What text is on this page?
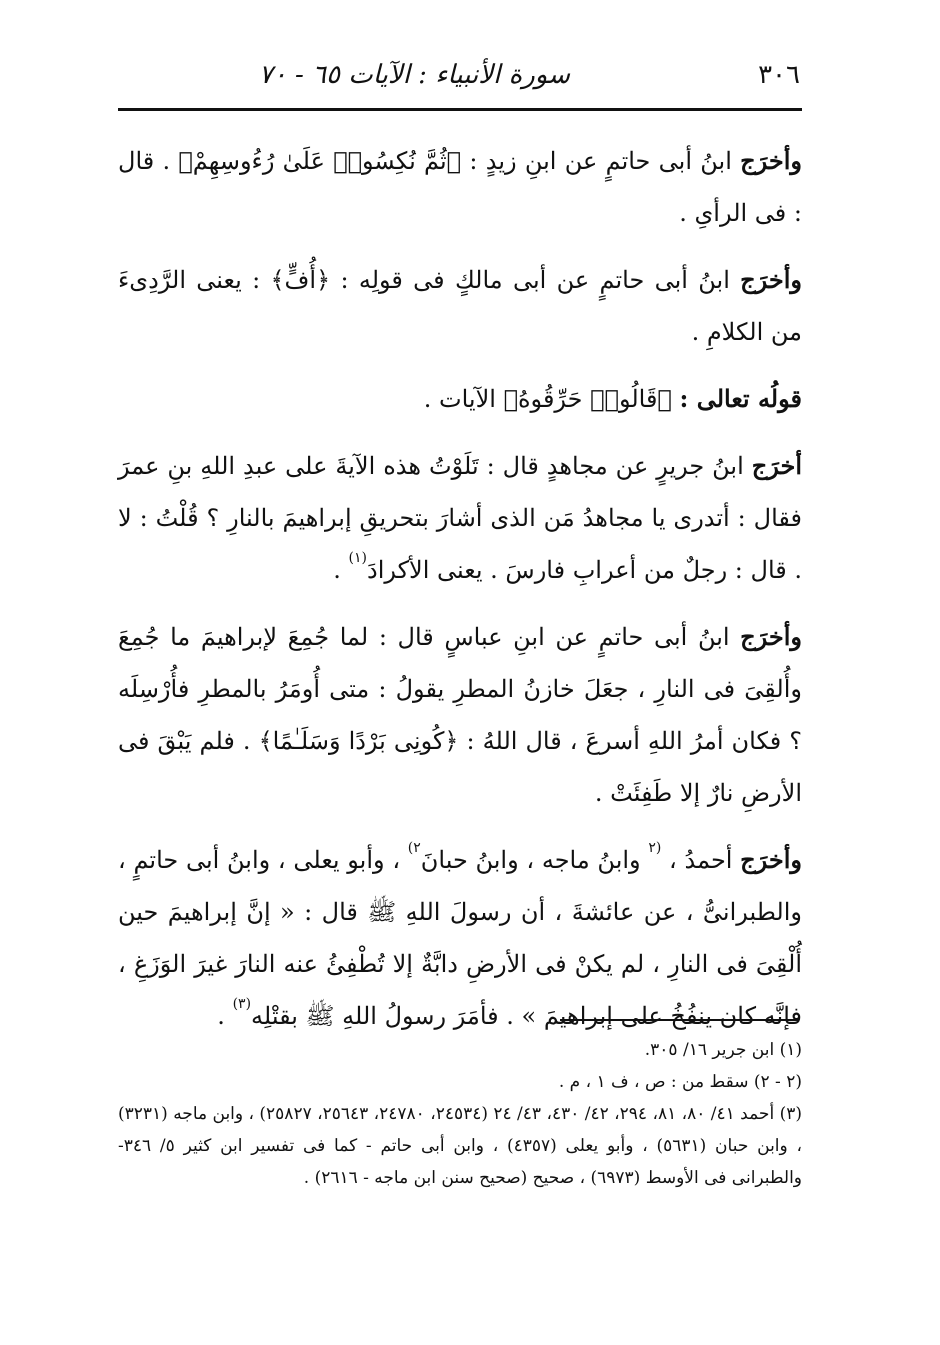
٣٠٦
سورة الأنبياء : الآيات ٦٥ - ٧٠

وأخرَج ابنُ أبى حاتمٍ عن ابنِ زيدٍ : ﴿ثُمَّ نُكِسُوا۟ عَلَىٰ رُءُوسِهِمْ﴾ . قال : فى الرأىِ .

وأخرَج ابنُ أبى حاتمٍ عن أبى مالكٍ فى قولِه : ﴿أُفٍّ﴾ : يعنى الرَّدِىءَ من الكلامِ .

قولُه تعالى : ﴿قَالُوا۟ حَرِّقُوهُ﴾ الآيات .

أخرَج ابنُ جريرٍ عن مجاهدٍ قال : تَلَوْتُ هذه الآيةَ على عبدِ اللهِ بنِ عمرَ فقال : أتدرى يا مجاهدُ مَن الذى أشارَ بتحريقِ إبراهيمَ بالنارِ ؟ قُلْتُ : لا . قال : رجلٌ من أعرابِ فارسَ . يعنى الأكرادَ$^{(١)}$ .

وأخرَج ابنُ أبى حاتمٍ عن ابنِ عباسٍ قال : لما جُمِعَ لإبراهيمَ ما جُمِعَ وأُلقِىَ فى النارِ ، جعَلَ خازنُ المطرِ يقولُ : متى أُومَرُ بالمطرِ فأُرْسِلَه ؟ فكان أمرُ اللهِ أسرعَ ، قال اللهُ : ﴿كُونِى بَرْدًا وَسَلَـٰمًا﴾ . فلم يَبْقَ فى الأرضِ نارٌ إلا طَفِئَتْ .

وأخرَج أحمدُ ، $^{(٢}$ وابنُ ماجه ، وابنُ حبانَ$^{٢)}$ ، وأبو يعلى ، وابنُ أبى حاتمٍ ، والطبرانىُّ ، عن عائشةَ ، أن رسولَ اللهِ ﷺ قال : « إنَّ إبراهيمَ حين أُلْقِىَ فى النارِ ، لم يكنْ فى الأرضِ دابَّةٌ إلا تُطْفِئُ عنه النارَ غيرَ الوَزَغِ ، فإنَّه كان ينفُخُ على إبراهيمَ » . فأمَرَ رسولُ اللهِ ﷺ بقتْلِه$^{(٣)}$ .

(١) ابن جرير ١٦/ ٣٠٥.

(٢ - ٢) سقط من : ص ، ف ١ ، م .

(٣) أحمد ٤١/ ٨٠، ٨١، ٢٩٤، ٤٢/ ٤٣٠، ٤٣/ ٢٤ (٢٤٥٣٤، ٢٤٧٨٠، ٢٥٦٤٣، ٢٥٨٢٧) ، وابن ماجه (٣٢٣١) ، وابن حبان (٥٦٣١) ، وأبو يعلى (٤٣٥٧) ، وابن أبى حاتم - كما فى تفسير ابن كثير ٥/ ٣٤٦- والطبرانى فى الأوسط (٦٩٧٣) ، صحيح (صحيح سنن ابن ماجه - ٢٦١٦) .
